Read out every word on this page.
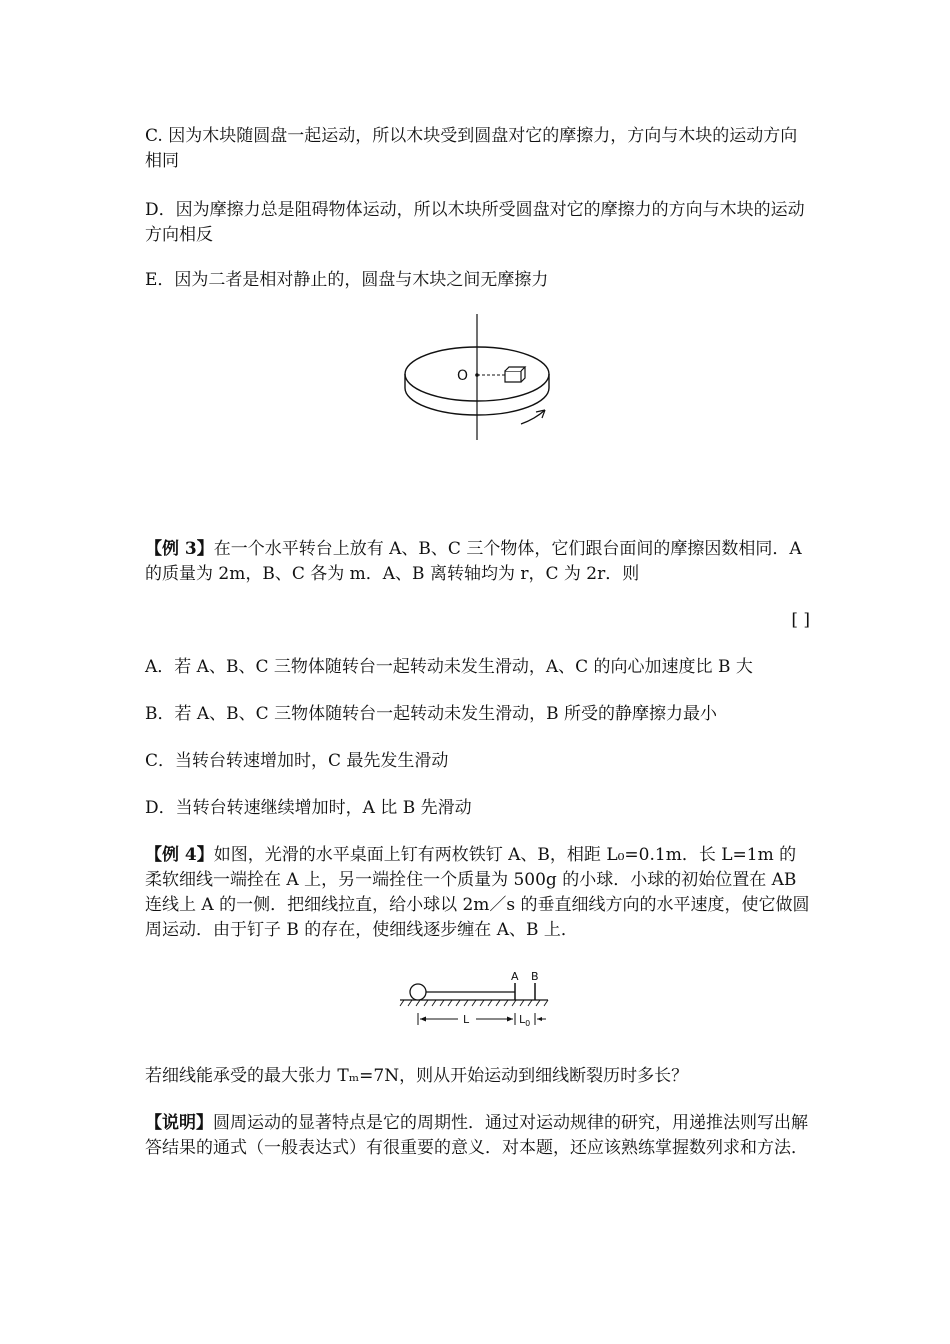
C. 因为木块随圆盘一起运动，所以木块受到圆盘对它的摩擦力，方向与木块的运动方向相同

D．因为摩擦力总是阻碍物体运动，所以木块所受圆盘对它的摩擦力的方向与木块的运动方向相反

E．因为二者是相对静止的，圆盘与木块之间无摩擦力

O

【例 3】在一个水平转台上放有 A、B、C 三个物体，它们跟台面间的摩擦因数相同．A 的质量为 2m，B、C 各为 m．A、B 离转轴均为 r，C 为 2r．则

[ ]

A．若 A、B、C 三物体随转台一起转动未发生滑动，A、C 的向心加速度比 B 大

B．若 A、B、C 三物体随转台一起转动未发生滑动，B 所受的静摩擦力最小

C．当转台转速增加时，C 最先发生滑动

D．当转台转速继续增加时，A 比 B 先滑动

【例 4】如图，光滑的水平桌面上钉有两枚铁钉 A、B，相距 L₀=0.1m．长 L=1m 的柔软细线一端拴在 A 上，另一端拴住一个质量为 500g 的小球．小球的初始位置在 AB 连线上 A 的一侧．把细线拉直，给小球以 2m／s 的垂直细线方向的水平速度，使它做圆周运动．由于钉子 B 的存在，使细线逐步缠在 A、B 上．

A B
L	$L_0$

若细线能承受的最大张力 Tₘ=7N，则从开始运动到细线断裂历时多长？

【说明】圆周运动的显著特点是它的周期性．通过对运动规律的研究，用递推法则写出解答结果的通式（一般表达式）有很重要的意义．对本题，还应该熟练掌握数列求和方法．
